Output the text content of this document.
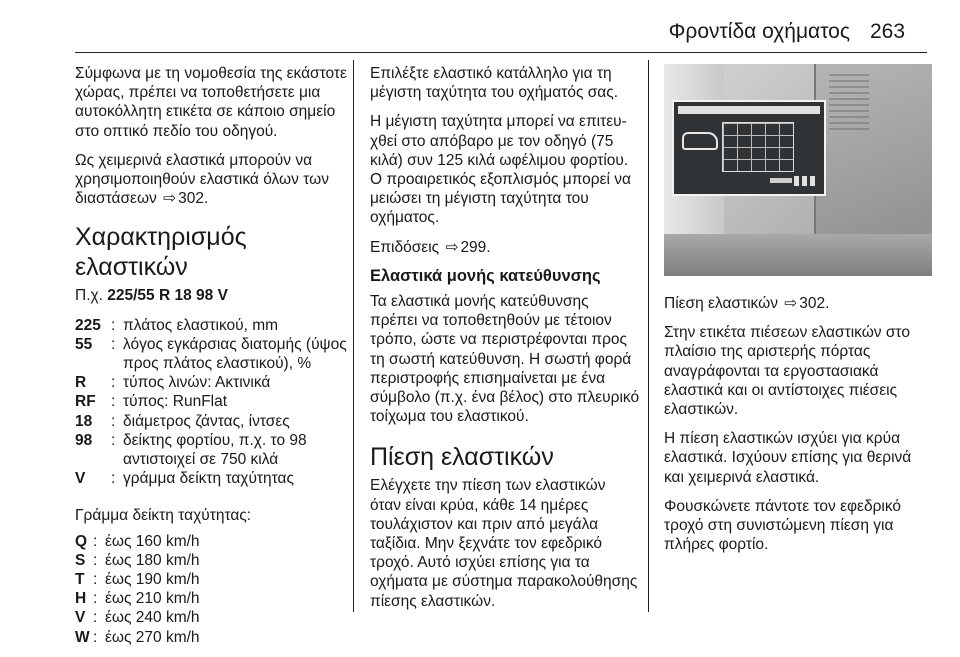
Φροντίδα οχήματος 263

Σύμφωνα με τη νομοθεσία της εκάστοτε χώρας, πρέπει να τοποθετήσετε μια αυτοκόλλητη ετικέτα σε κάποιο σημείο στο οπτικό πεδίο του οδηγού.

Ως χειμερινά ελαστικά μπορούν να χρησιμοποιηθούν ελαστικά όλων των διαστάσεων ⇨ 302.

Χαρακτηρισμός ελαστικών

Π.χ. 225/55 R 18 98 V

225 : πλάτος ελαστικού, mm
55	: λόγος εγκάρσιας διατομής (ύψος προς πλάτος ελαστικού), %
R	: τύπος λινών: Ακτινικά
RF : τύπος: RunFlat
18	: διάμετρος ζάντας, ίντσες
98	: δείκτης φορτίου, π.χ. το 98 αντιστοιχεί σε 750 κιλά
V	: γράμμα δείκτη ταχύτητας

Γράμμα δείκτη ταχύτητας:

Q : έως 160 km/h
S : έως 180 km/h
T : έως 190 km/h
H : έως 210 km/h
V : έως 240 km/h
W : έως 270 km/h

Επιλέξτε ελαστικό κατάλληλο για τη μέγιστη ταχύτητα του οχήματός σας.

Η μέγιστη ταχύτητα μπορεί να επιτευχθεί στο απόβαρο με τον οδηγό (75 κιλά) συν 125 κιλά ωφέλιμου φορτίου. Ο προαιρετικός εξοπλισμός μπορεί να μειώσει τη μέγιστη ταχύτητα του οχήματος.

Επιδόσεις ⇨ 299.

Ελαστικά μονής κατεύθυνσης

Τα ελαστικά μονής κατεύθυνσης πρέπει να τοποθετηθούν με τέτοιον τρόπο, ώστε να περιστρέφονται προς τη σωστή κατεύθυνση. Η σωστή φορά περιστροφής επισημαίνεται με ένα σύμβολο (π.χ. ένα βέλος) στο πλευρικό τοίχωμα του ελαστικού.

Πίεση ελαστικών

Ελέγχετε την πίεση των ελαστικών όταν είναι κρύα, κάθε 14 ημέρες τουλάχιστον και πριν από μεγάλα ταξίδια. Μην ξεχνάτε τον εφεδρικό τροχό. Αυτό ισχύει επίσης για τα οχήματα με σύστημα παρακολούθησης πίεσης ελαστικών.

Πίεση ελαστικών ⇨ 302.

Στην ετικέτα πιέσεων ελαστικών στο πλαίσιο της αριστερής πόρτας αναγράφονται τα εργοστασιακά ελαστικά και οι αντίστοιχες πιέσεις ελαστικών.

Η πίεση ελαστικών ισχύει για κρύα ελαστικά. Ισχύουν επίσης για θερινά και χειμερινά ελαστικά.

Φουσκώνετε πάντοτε τον εφεδρικό τροχό στη συνιστώμενη πίεση για πλήρες φορτίο.
